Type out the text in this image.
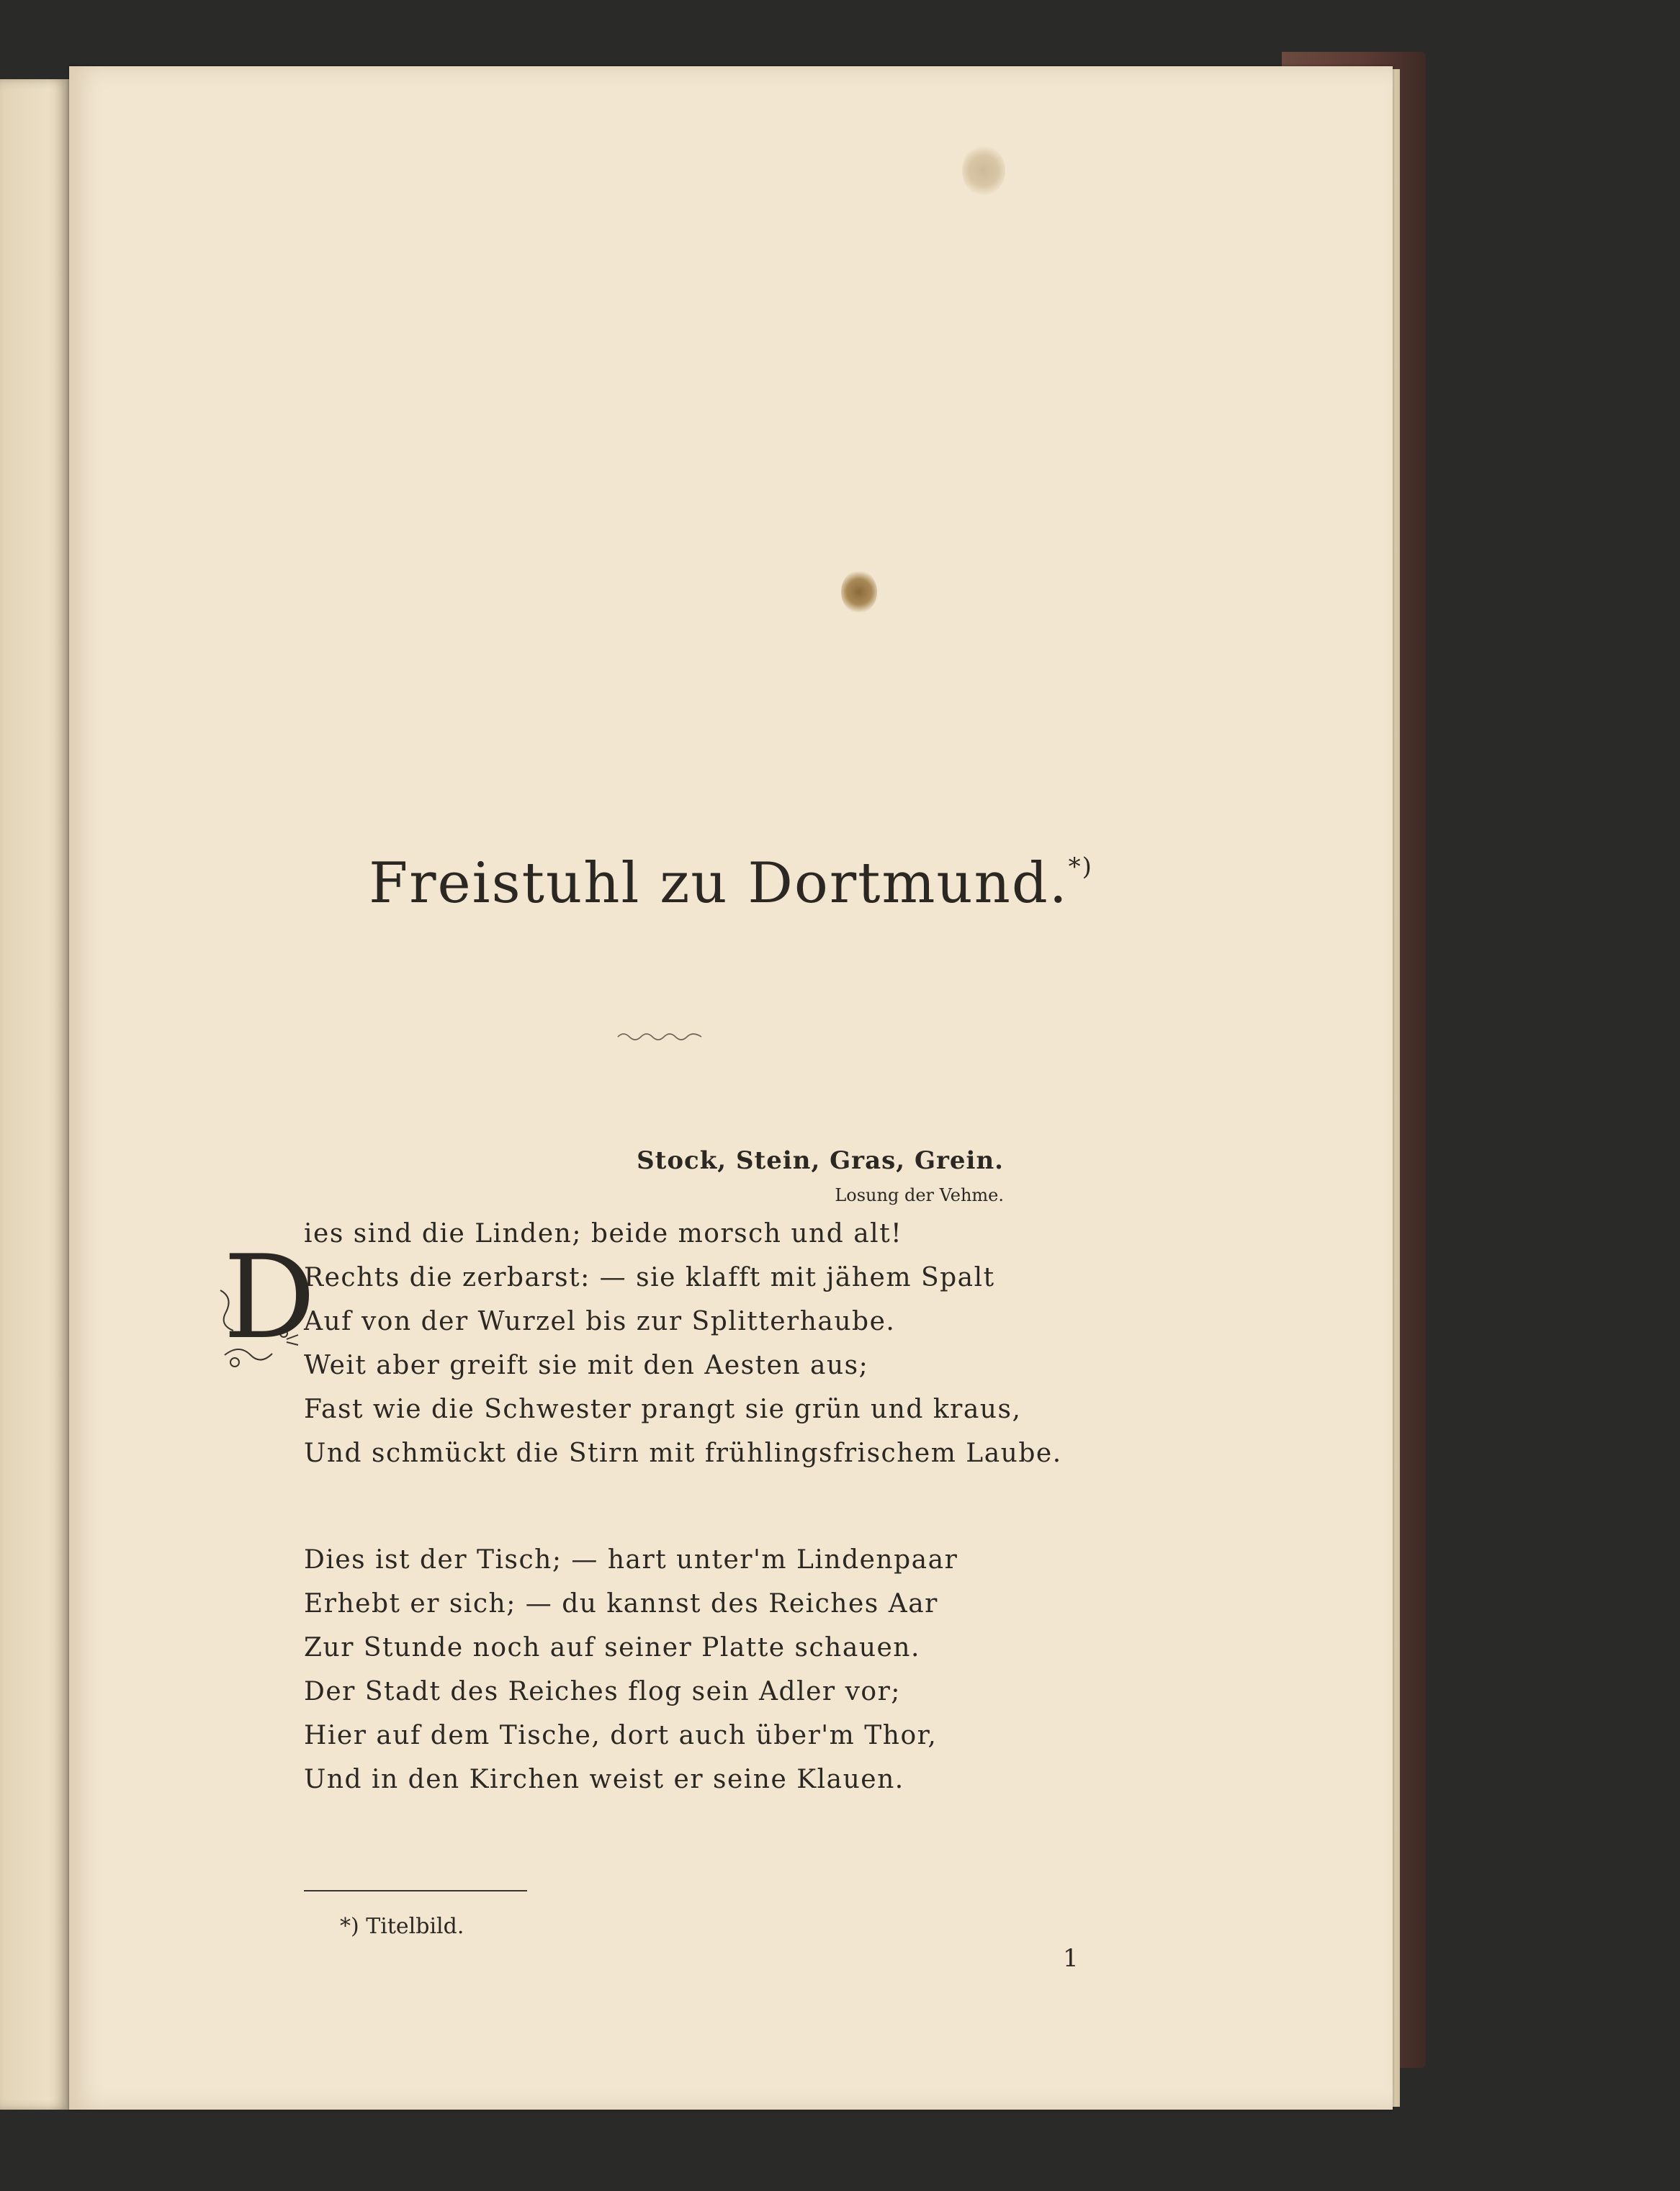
Freistuhl zu Dortmund.*)
Stock, Stein, Gras, Grein.
Losung der Vehme.
D
ies sind die Linden; beide morsch und alt!
Rechts die zerbarst: — sie klafft mit jähem Spalt
Auf von der Wurzel bis zur Splitterhaube.
Weit aber greift sie mit den Aesten aus;
Fast wie die Schwester prangt sie grün und kraus,
Und schmückt die Stirn mit frühlingsfrischem Laube.
Dies ist der Tisch; — hart unter'm Lindenpaar
Erhebt er sich; — du kannst des Reiches Aar
Zur Stunde noch auf seiner Platte schauen.
Der Stadt des Reiches flog sein Adler vor;
Hier auf dem Tische, dort auch über'm Thor,
Und in den Kirchen weist er seine Klauen.
*) Titelbild.
1
